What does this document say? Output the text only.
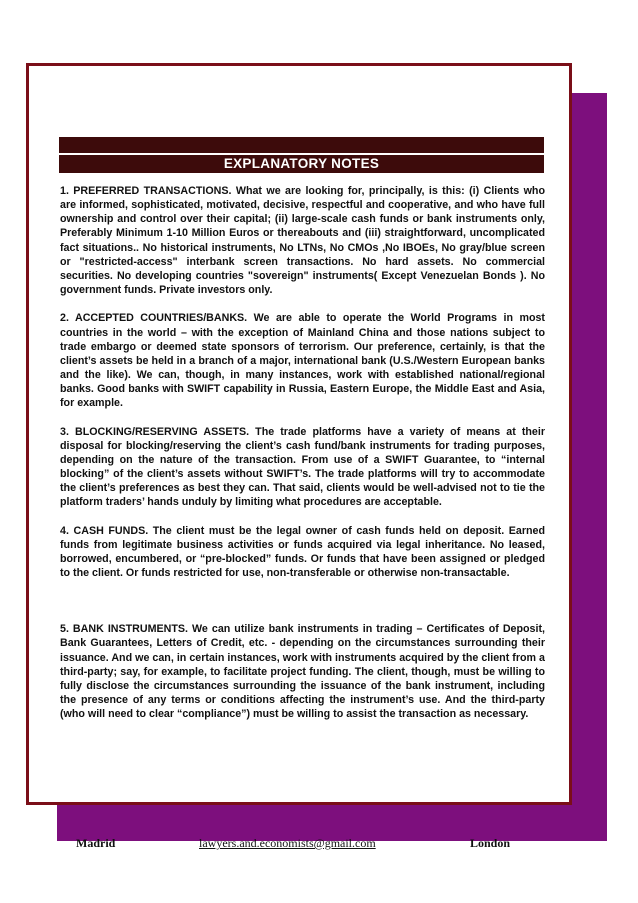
EXPLANATORY NOTES

1. PREFERRED TRANSACTIONS. What we are looking for, principally, is this: (i) Clients who are informed, sophisticated, motivated, decisive, respectful and cooperative, and who have full ownership and control over their capital; (ii) large-scale cash funds or bank instruments only, Preferably Minimum 1-10 Million Euros or thereabouts and (iii) straightforward, uncomplicated fact situations.. No historical instruments, No LTNs, No CMOs ,No IBOEs, No gray/blue screen or "restricted-access" interbank screen transactions. No hard assets. No commercial securities. No developing countries "sovereign" instruments( Except Venezuelan Bonds ). No government funds. Private investors only.

2. ACCEPTED COUNTRIES/BANKS. We are able to operate the World Programs in most countries in the world – with the exception of Mainland China and those nations subject to trade embargo or deemed state sponsors of terrorism. Our preference, certainly, is that the client’s assets be held in a branch of a major, international bank (U.S./Western European banks and the like). We can, though, in many instances, work with established national/regional banks. Good banks with SWIFT capability in Russia, Eastern Europe, the Middle East and Asia, for example.

3. BLOCKING/RESERVING ASSETS. The trade platforms have a variety of means at their disposal for blocking/reserving the client’s cash fund/bank instruments for trading purposes, depending on the nature of the transaction. From use of a SWIFT Guarantee, to “internal blocking” of the client’s assets without SWIFT’s. The trade platforms will try to accommodate the client’s preferences as best they can. That said, clients would be well-advised not to tie the platform traders’ hands unduly by limiting what procedures are acceptable.

4. CASH FUNDS. The client must be the legal owner of cash funds held on deposit. Earned funds from legitimate business activities or funds acquired via legal inheritance. No leased, borrowed, encumbered, or “pre-blocked” funds. Or funds that have been assigned or pledged to the client. Or funds restricted for use, non-transferable or otherwise non-transactable.

5. BANK INSTRUMENTS. We can utilize bank instruments in trading – Certificates of Deposit, Bank Guarantees, Letters of Credit, etc. - depending on the circumstances surrounding their issuance. And we can, in certain instances, work with instruments acquired by the client from a third-party; say, for example, to facilitate project funding. The client, though, must be willing to fully disclose the circumstances surrounding the issuance of the bank instrument, including the presence of any terms or conditions affecting the instrument’s use. And the third-party (who will need to clear “compliance”) must be willing to assist the transaction as necessary.

Madrid	lawyers.and.economists@gmail.com	London
